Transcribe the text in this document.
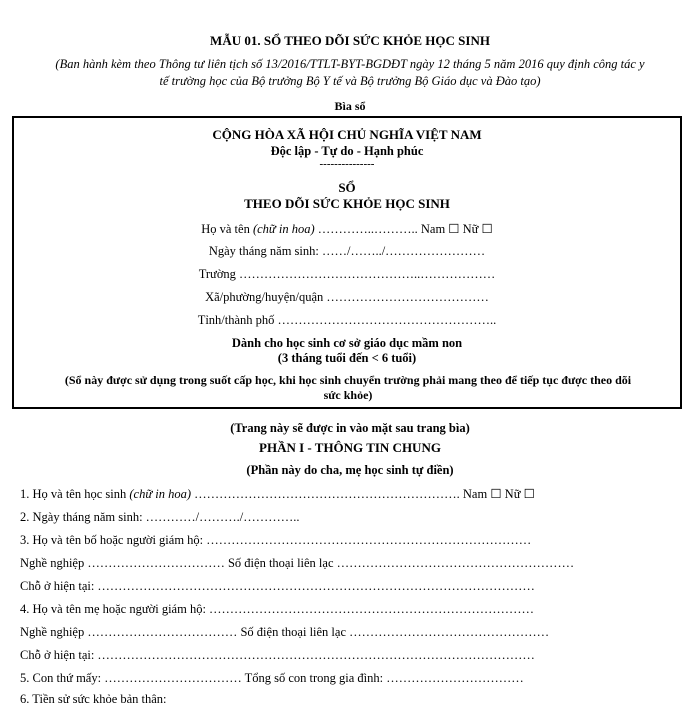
MẪU 01. SỔ THEO DÕI SỨC KHỎE HỌC SINH
(Ban hành kèm theo Thông tư liên tịch số 13/2016/TTLT-BYT-BGDĐT ngày 12 tháng 5 năm 2016 quy định công tác y
tế trường học của Bộ trưởng Bộ Y tế và Bộ trưởng Bộ Giáo dục và Đào tạo)
Bìa sổ
CỘNG HÒA XÃ HỘI CHỦ NGHĨA VIỆT NAM
Độc lập - Tự do - Hạnh phúc
---------------
SỔ
THEO DÕI SỨC KHỎE HỌC SINH
Họ và tên (chữ in hoa) …………..……….. Nam ☐ Nữ ☐
Ngày tháng năm sinh: ……/……../……………………
Trường ……………………………………..………………
Xã/phường/huyện/quận …………………………………
Tỉnh/thành phố ……………………………………………..
Dành cho học sinh cơ sở giáo dục mầm non
(3 tháng tuổi đến < 6 tuổi)
(Sổ này được sử dụng trong suốt cấp học, khi học sinh chuyển trường phải mang theo để tiếp tục được theo dõi
sức khỏe)
(Trang này sẽ được in vào mặt sau trang bìa)
PHẦN I - THÔNG TIN CHUNG
(Phần này do cha, mẹ học sinh tự điền)
1. Họ và tên học sinh (chữ in hoa) ………………………………………………………. Nam ☐ Nữ ☐
2. Ngày tháng năm sinh: …………/………./…………..
3. Họ và tên bố hoặc người giám hộ: ……………………………………………………………………
Nghề nghiệp …………………………… Số điện thoại liên lạc …………………………………………………
Chỗ ở hiện tại: ……………………………………………………………………………………………
4. Họ và tên mẹ hoặc người giám hộ: ……………………………………………………………………
Nghề nghiệp ……………………………… Số điện thoại liên lạc …………………………………………
Chỗ ở hiện tại: ……………………………………………………………………………………………
5. Con thứ mấy: …………………………… Tổng số con trong gia đình: ……………………………
6. Tiền sử sức khỏe bản thân:
